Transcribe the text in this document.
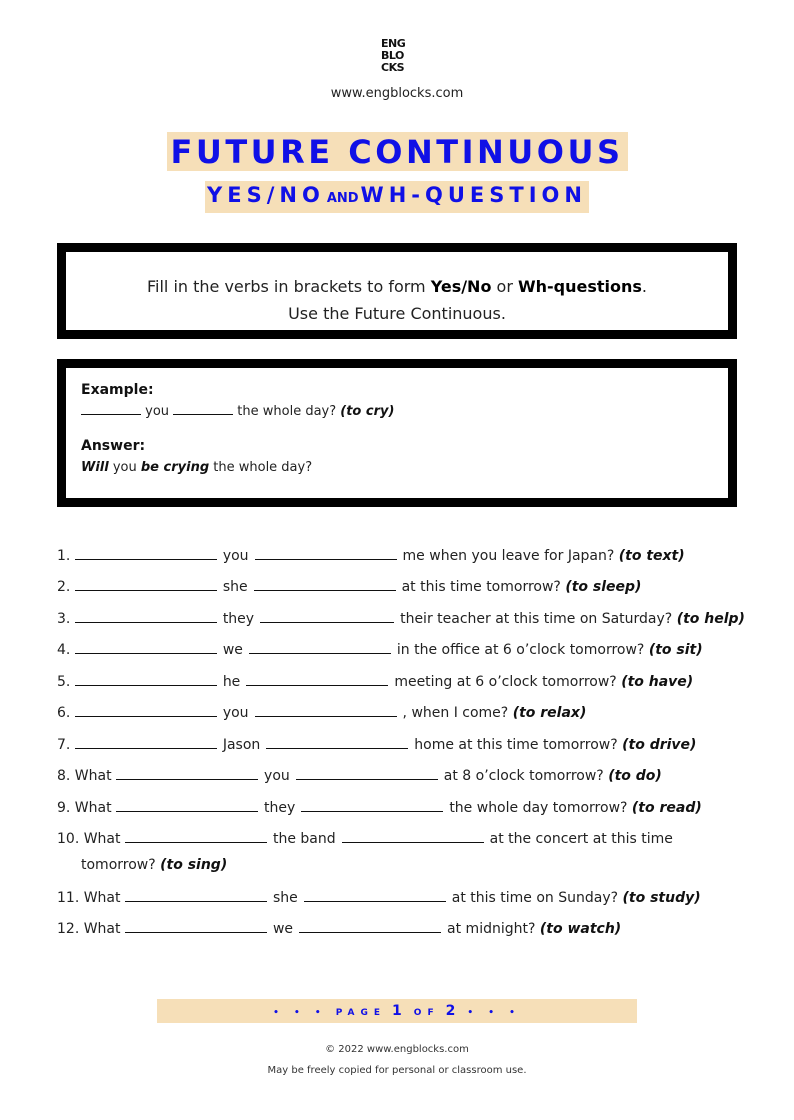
ENG
BLO
CKS
www.engblocks.com
FUTURE CONTINUOUS
YES/NO ANDWH-QUESTION
Fill in the verbs in brackets to form Yes/No or Wh-questions.
Use the Future Continuous.
Example:
you	the whole day? (to cry)
Answer:
Will you be crying the whole day?
1.	you	me when you leave for Japan? (to text)
2.	she	at this time tomorrow? (to sleep)
3.	they	their teacher at this time on Saturday? (to help)
4.	we	in the office at 6 o’clock tomorrow? (to sit)
5.	he	meeting at 6 o’clock tomorrow? (to have)
6.	you	, when I come? (to relax)
7.	Jason	home at this time tomorrow? (to drive)
8. What	you	at 8 o’clock tomorrow? (to do)
9. What	they	the whole day tomorrow? (to read)
10. What	the band	at the concert at this time
tomorrow? (to sing)
11. What	she	at this time on Sunday? (to study)
12. What	we	at midnight? (to watch)
• • • PAGE 1 OF 2 • • •
© 2022 www.engblocks.com
May be freely copied for personal or classroom use.
